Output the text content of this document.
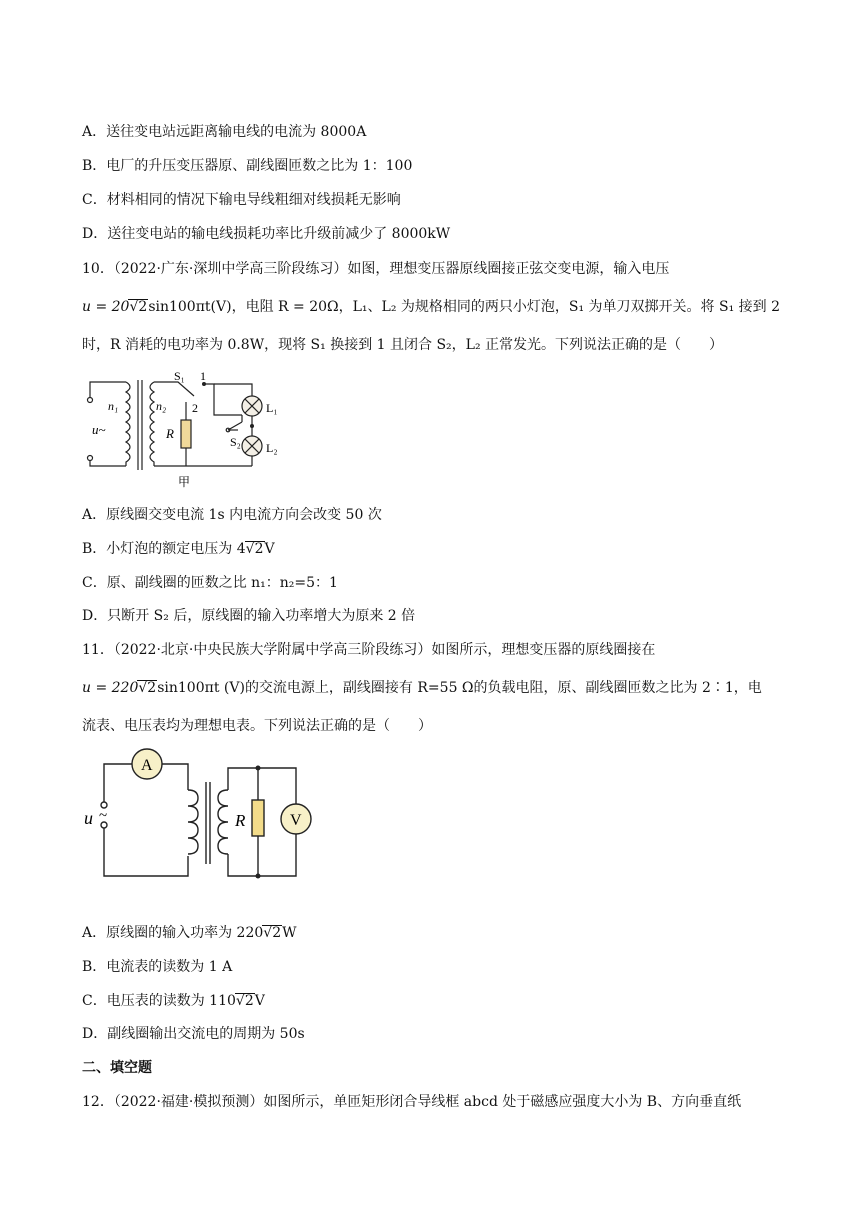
A．送往变电站远距离输电线的电流为 8000A
B．电厂的升压变压器原、副线圈匝数之比为 1：100
C．材料相同的情况下输电导线粗细对线损耗无影响
D．送往变电站的输电线损耗功率比升级前减少了 8000kW
10．（2022·广东·深圳中学高三阶段练习）如图，理想变压器原线圈接正弦交变电源，输入电压
u = 20√2sin100πt(V)，电阻 R = 20Ω，L₁、L₂ 为规格相同的两只小灯泡，S₁ 为单刀双掷开关。将 S₁ 接到 2
时，R 消耗的电功率为 0.8W，现将 S₁ 换接到 1 且闭合 S₂，L₂ 正常发光。下列说法正确的是（　　）
u~
n₁	n₂
R
S₁ 1
2
S₂
L₁
L₂
甲
A．原线圈交变电流 1s 内电流方向会改变 50 次
B．小灯泡的额定电压为 4√2V
C．原、副线圈的匝数之比 n₁：n₂=5：1
D．只断开 S₂ 后，原线圈的输入功率增大为原来 2 倍
11．（2022·北京·中央民族大学附属中学高三阶段练习）如图所示，理想变压器的原线圈接在
u = 220√2sin100πt (V)的交流电源上，副线圈接有 R=55 Ω的负载电阻，原、副线圈匝数之比为 2∶1，电
流表、电压表均为理想电表。下列说法正确的是（　　）
A
V
u ~	R
A．原线圈的输入功率为 220√2W
B．电流表的读数为 1 A
C．电压表的读数为 110√2V
D．副线圈输出交流电的周期为 50s
二、填空题
12．（2022·福建·模拟预测）如图所示，单匝矩形闭合导线框 abcd 处于磁感应强度大小为 B、方向垂直纸
